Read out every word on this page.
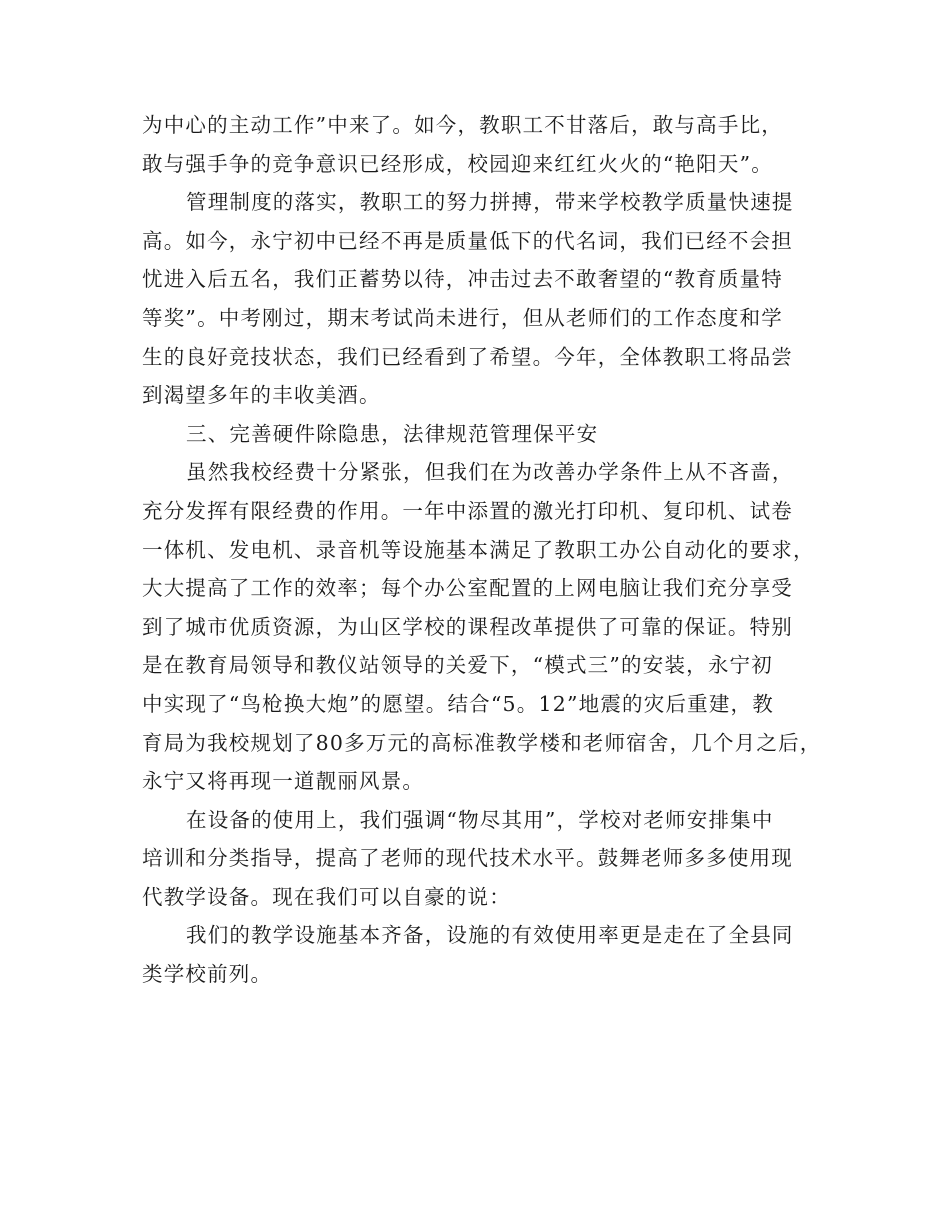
为中心的主动工作”中来了。如今，教职工不甘落后，敢与高手比，
敢与强手争的竞争意识已经形成，校园迎来红红火火的“艳阳天”。
管理制度的落实，教职工的努力拼搏，带来学校教学质量快速提
高。如今，永宁初中已经不再是质量低下的代名词，我们已经不会担
忧进入后五名，我们正蓄势以待，冲击过去不敢奢望的“教育质量特
等奖”。中考刚过，期末考试尚未进行，但从老师们的工作态度和学
生的良好竞技状态，我们已经看到了希望。今年，全体教职工将品尝
到渴望多年的丰收美酒。
三、完善硬件除隐患，法律规范管理保平安
虽然我校经费十分紧张，但我们在为改善办学条件上从不吝啬，
充分发挥有限经费的作用。一年中添置的激光打印机、复印机、试卷
一体机、发电机、录音机等设施基本满足了教职工办公自动化的要求，
大大提高了工作的效率；每个办公室配置的上网电脑让我们充分享受
到了城市优质资源，为山区学校的课程改革提供了可靠的保证。特别
是在教育局领导和教仪站领导的关爱下，“模式三”的安装，永宁初
中实现了“鸟枪换大炮”的愿望。结合“5。12”地震的灾后重建，教
育局为我校规划了80多万元的高标准教学楼和老师宿舍，几个月之后，
永宁又将再现一道靓丽风景。
在设备的使用上，我们强调“物尽其用”，学校对老师安排集中
培训和分类指导，提高了老师的现代技术水平。鼓舞老师多多使用现
代教学设备。现在我们可以自豪的说：
我们的教学设施基本齐备，设施的有效使用率更是走在了全县同
类学校前列。
